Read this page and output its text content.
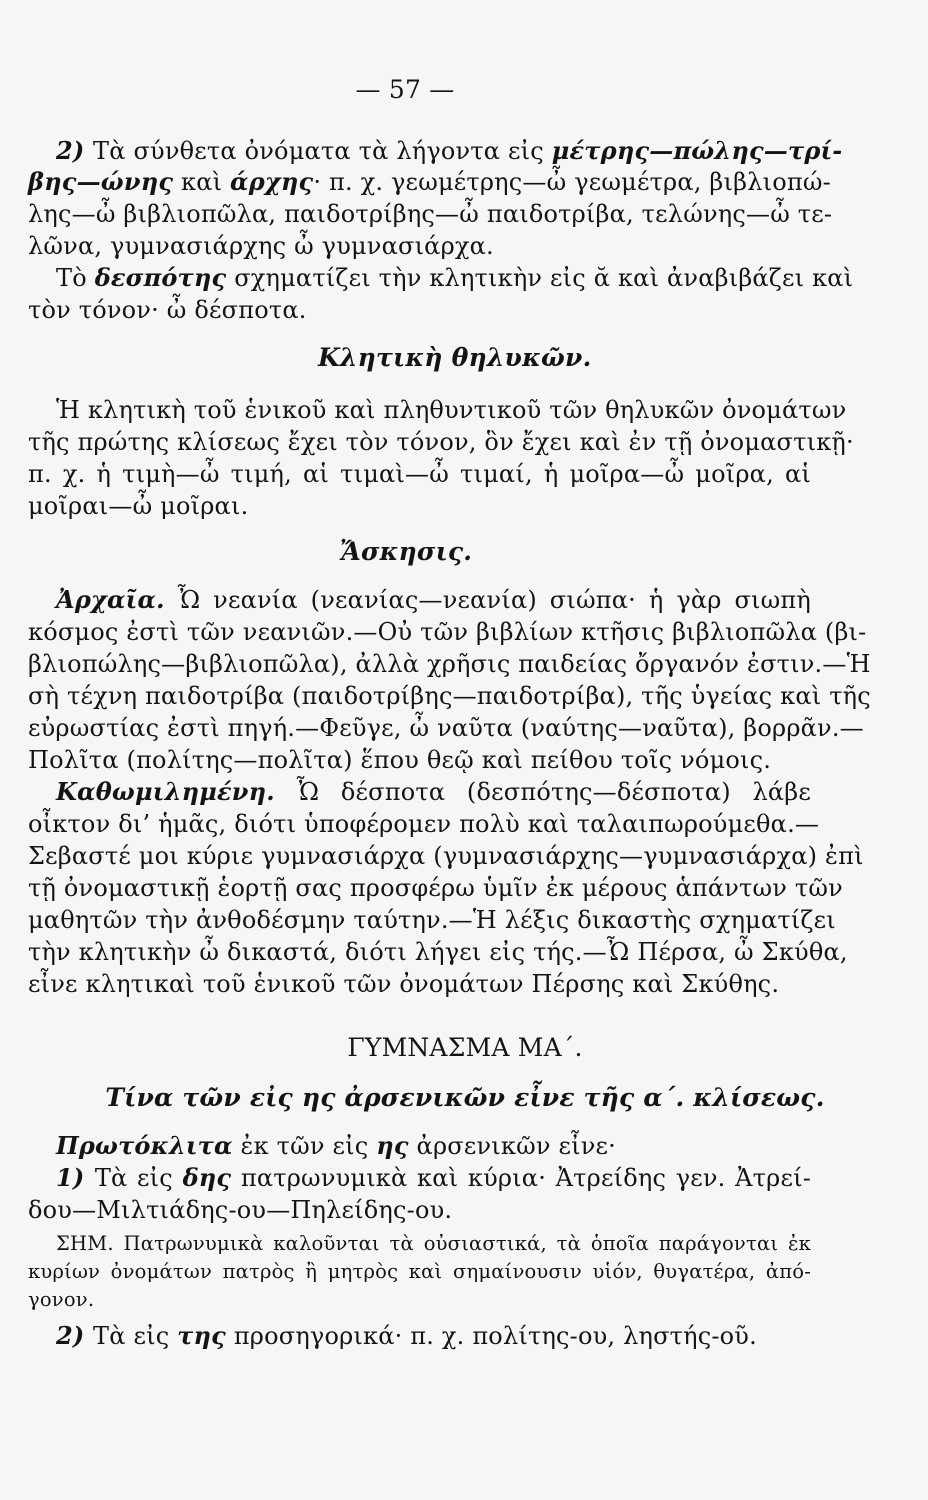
— 57 —
2) Τὰ σύνθετα ὀνόματα τὰ λήγοντα εἰς μέτρης—πώλης—τρί-
βης—ώνης καὶ άρχης· π. χ. γεωμέτρης—ὦ γεωμέτρα, βιβλιοπώ-
λης—ὦ βιβλιοπῶλα, παιδοτρίβης—ὦ παιδοτρίβα, τελώνης—ὦ τε-
λῶνα, γυμνασιάρχης ὦ γυμνασιάρχα.
Τὸ δεσπότης σχηματίζει τὴν κλητικὴν εἰς ᾰ καὶ ἀναβιβάζει καὶ
τὸν τόνον· ὦ δέσποτα.
Κλητικὴ θηλυκῶν.
Ἡ κλητικὴ τοῦ ἑνικοῦ καὶ πληθυντικοῦ τῶν θηλυκῶν ὀνομάτων
τῆς πρώτης κλίσεως ἔχει τὸν τόνον, ὃν ἔχει καὶ ἐν τῇ ὀνομαστικῇ·
π. χ. ἡ τιμὴ—ὦ τιμή, αἱ τιμαὶ—ὦ τιμαί, ἡ μοῖρα—ὦ μοῖρα, αἱ
μοῖραι—ὦ μοῖραι.
Ἄσκησις.
Ἀρχαῖα. Ὦ νεανία (νεανίας—νεανία) σιώπα· ἡ γὰρ σιωπὴ
κόσμος ἐστὶ τῶν νεανιῶν.—Οὐ τῶν βιβλίων κτῆσις βιβλιοπῶλα (βι-
βλιοπώλης—βιβλιοπῶλα), ἀλλὰ χρῆσις παιδείας ὄργανόν ἐστιν.—Ἡ
σὴ τέχνη παιδοτρίβα (παιδοτρίβης—παιδοτρίβα), τῆς ὑγείας καὶ τῆς
εὐρωστίας ἐστὶ πηγή.—Φεῦγε, ὦ ναῦτα (ναύτης—ναῦτα), βορρᾶν.—
Πολῖτα (πολίτης—πολῖτα) ἕπου θεῷ καὶ πείθου τοῖς νόμοις.
Καθωμιλημένη. Ὦ δέσποτα (δεσπότης—δέσποτα) λάβε
οἶκτον δι’ ἡμᾶς, διότι ὑποφέρομεν πολὺ καὶ ταλαιπωρούμεθα.—
Σεβαστέ μοι κύριε γυμνασιάρχα (γυμνασιάρχης—γυμνασιάρχα) ἐπὶ
τῇ ὀνομαστικῇ ἑορτῇ σας προσφέρω ὑμῖν ἐκ μέρους ἁπάντων τῶν
μαθητῶν τὴν ἀνθοδέσμην ταύτην.—Ἡ λέξις δικαστὴς σχηματίζει
τὴν κλητικὴν ὦ δικαστά, διότι λήγει εἰς τής.—Ὦ Πέρσα, ὦ Σκύθα,
εἶνε κλητικαὶ τοῦ ἑνικοῦ τῶν ὀνομάτων Πέρσης καὶ Σκύθης.
ΓΥΜΝΑΣΜΑ ΜΑ΄.
Τίνα τῶν εἰς ης ἀρσενικῶν εἶνε τῆς α΄. κλίσεως.
Πρωτόκλιτα ἐκ τῶν εἰς ης ἀρσενικῶν εἶνε·
1) Τὰ εἰς δης πατρωνυμικὰ καὶ κύρια· Ἀτρείδης γεν. Ἀτρεί-
δου—Μιλτιάδης-ου—Πηλείδης-ου.
ΣΗΜ. Πατρωνυμικὰ καλοῦνται τὰ οὐσιαστικά, τὰ ὁποῖα παράγονται ἐκ
κυρίων ὀνομάτων πατρὸς ἢ μητρὸς καὶ σημαίνουσιν υἱόν, θυγατέρα, ἀπό-
γονον.
2) Τὰ εἰς της προσηγορικά· π. χ. πολίτης-ου, ληστής-οῦ.
